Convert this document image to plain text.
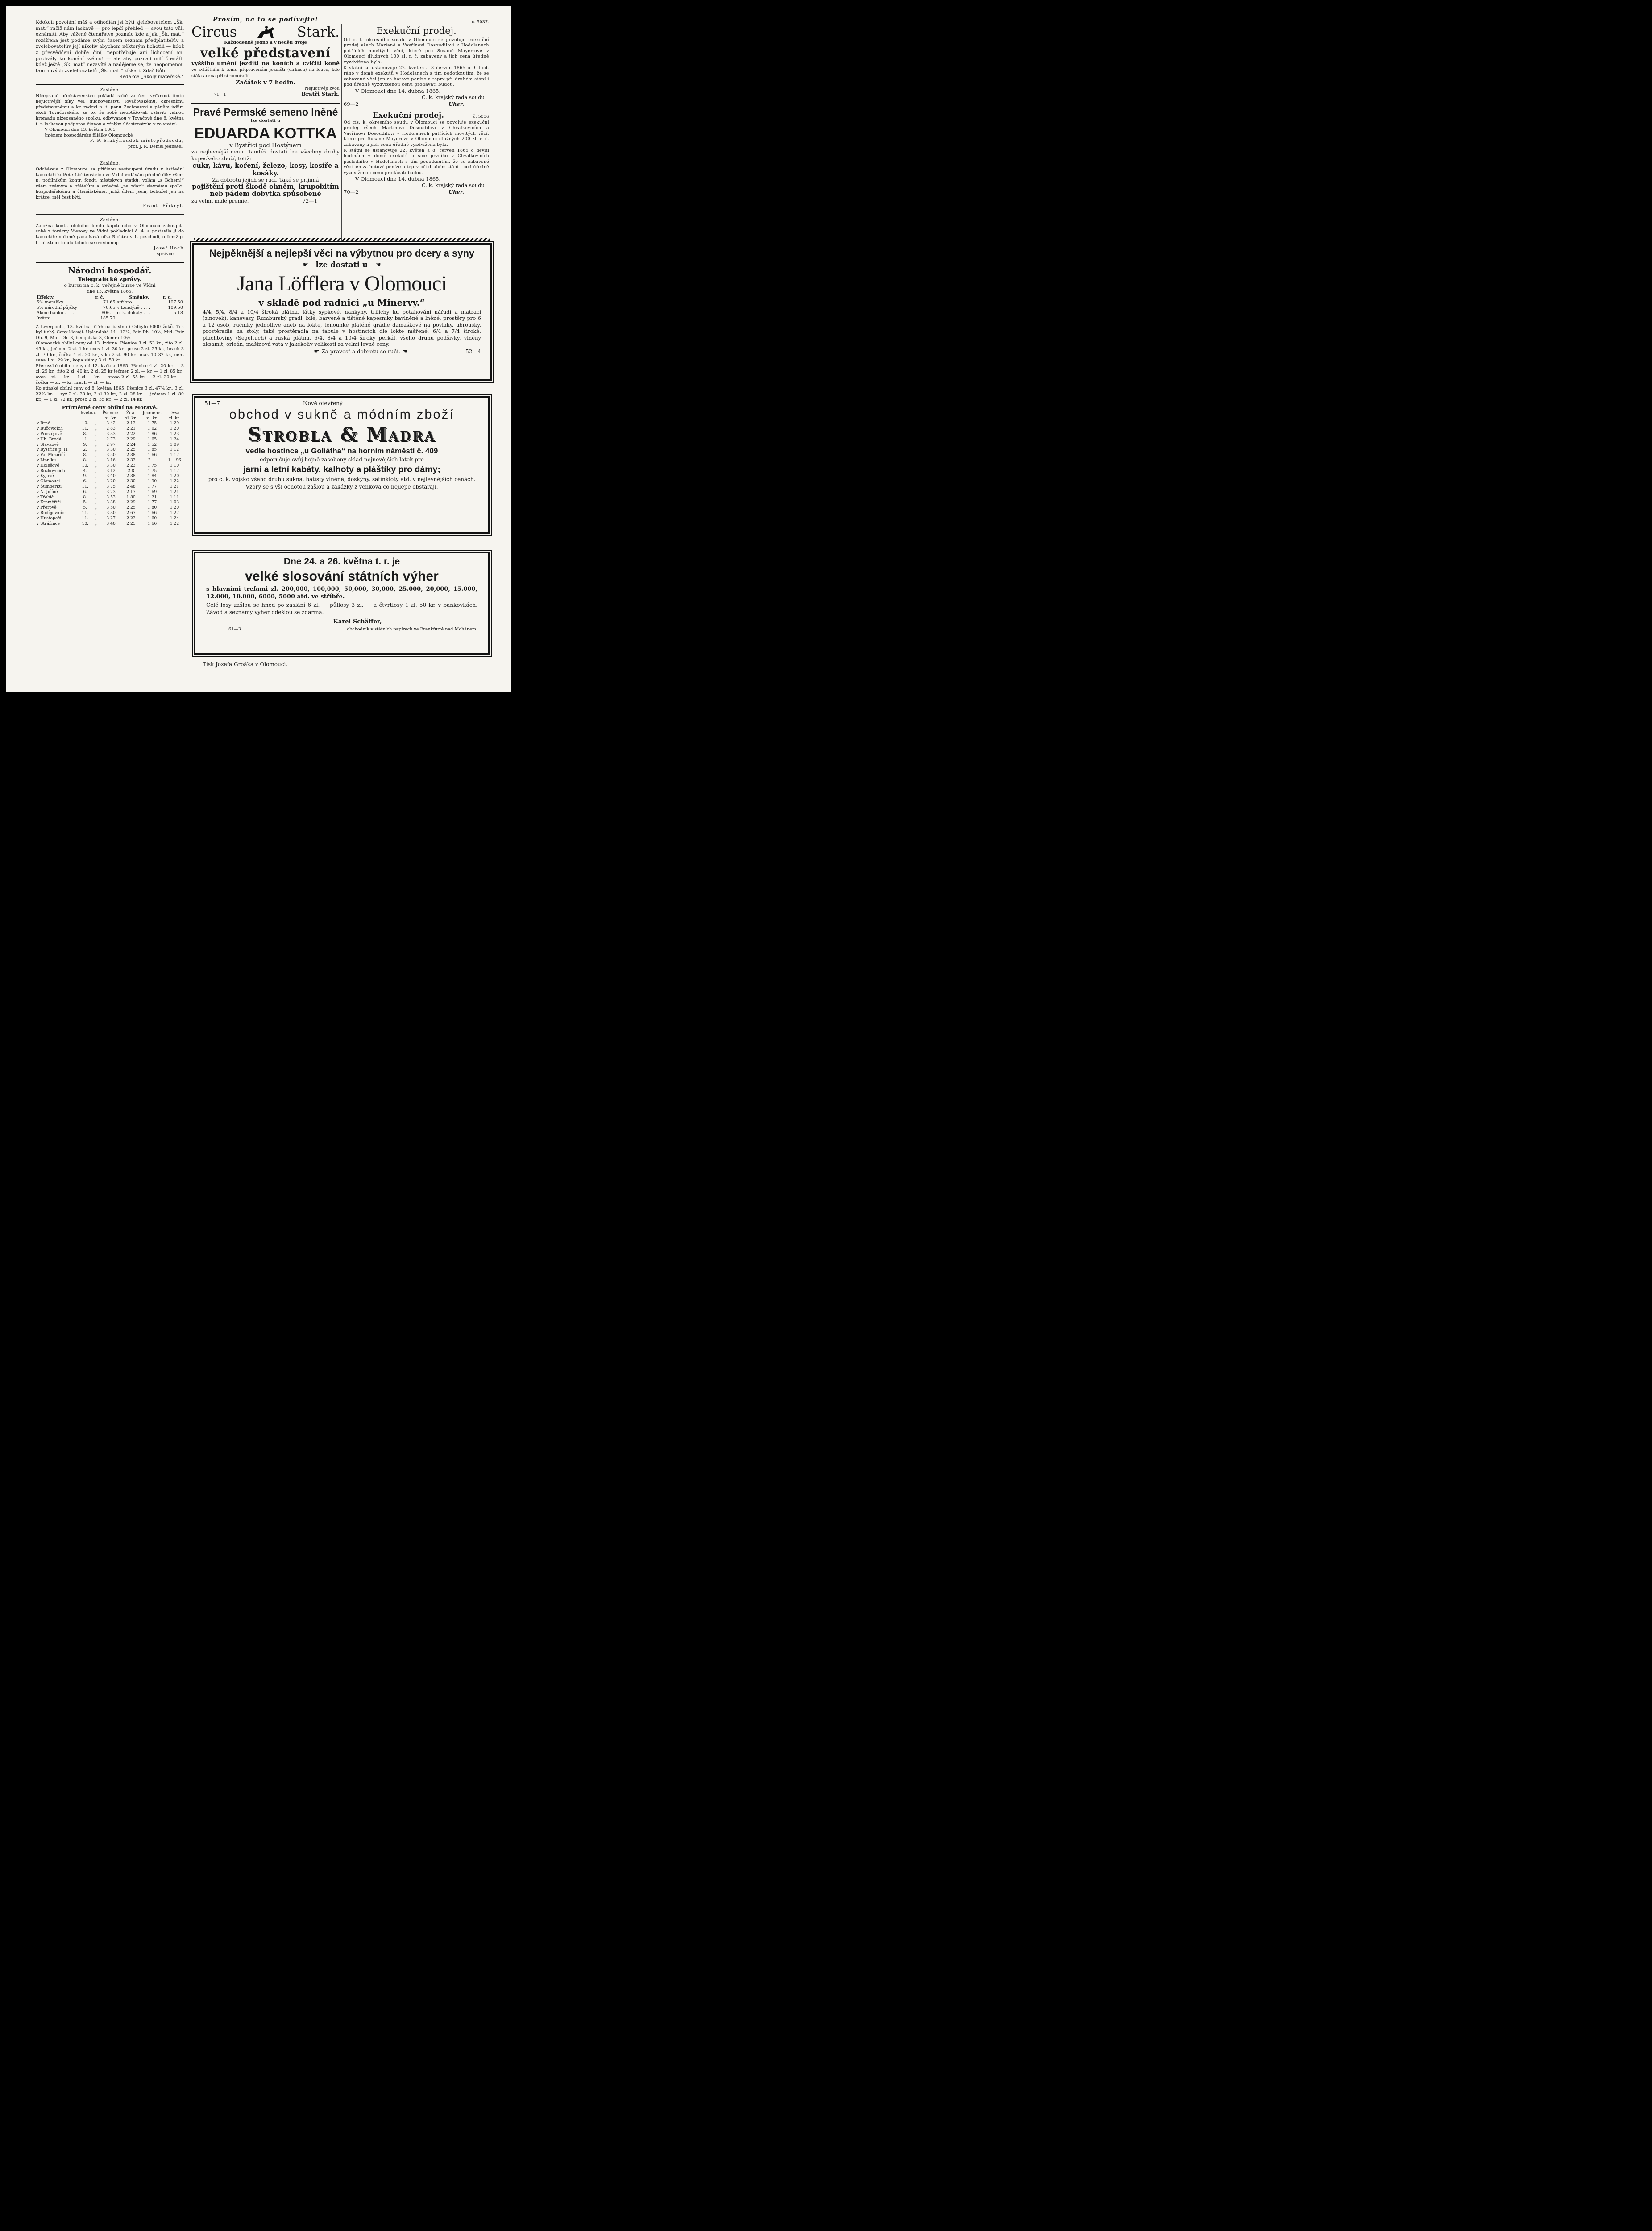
Kdokoli povolání máš a odhodlán jsi býti zjelebovatelem „Šk. mat.“ račiž nám laskavě — pro lepší přehled — svou tuto vůli oznámiti. Aby vážené čtenářstvo poznalo kde a jak „Šk. mat.“ rozšířena jest podáme svým časem seznam předplatitelův a zvelebovatelův její nikoliv abychom některým lichotili — kdož z přesvědčení dobře činí, nepotřebuje ani lichocení ani pochvály ku konání svému! — ale aby poznali milí čtenáři, kdež ještě „Šk. mat“ nezavítá a nadějeme se, že neopomenou tam nových zvelebozatelů „Šk. mat.“ získati. Zdař Bůh!

Redakce „Školy mateřské.“

Zasláno.

Nížepsané představenstvo pokládá sobě za čest vyřknout tímto nejuctivější díky vel. duchovenstvu Tovačovskému, okresnímu představenému a kr. radovi p. t. panu Zechnerovi a pánům úďům okolí Tovačovského za to, že sobě neobtěžovali oslaviti valnou hromadu nížepsaného spolku, odbývanou v Tovačově dne 8. května t. r. laskavou podporou činnou a vřelým účastenstvím v rokování.

V Olomouci dne 13. května 1865.

Jménem hospodářské filiálky Olomoucké

F. P. Slabýhoudek místopředseda,

prof. J. R. Demel jednatel.

Zasláno.

Odcházeje z Olomouce za příčinou nastoupení úřadu v ústřední kanceláři knížete Lichtensteina ve Vídni vzdávám předně díky všem p. podílníkům kontr. fondu městských statků, volám „s Bohem!“ všem známým a přátelům a srdečné „na zdar!“ slavnému spolku hospodářskému a čtenářskému, jichž údem jsem, bohužel jen na krátce, měl čest býti.

Frant. Přikryl.

Zasláno.

Záložna kontr. obilního fondu kapitolního v Olomouci zakoupila sobě z továrny Viesovy ve Vídni pokladnicí č. 4. a postavila ji do kanceláře v domě pana kavárníka Richtra v 1. poschodí, o čemž p. t. účastníci fondu tohoto se uvědomují

Josef Hoch

správce.

Národní hospodář.
Telegrafické zprávy.

o kursu na c. k. veřejné burse ve Vídni

dne 15. května 1865.

Effekty.	r. č.	Směnky.	r. c.
5% metaliky . . . .	71.65	stříbro . . . . .	107.50
5% národní půjčky .	76.65	v Londýně . . . .	109.50
Akcie banku . . . .	806.—	c. k. dukáty . . .	5.18
úvěrní . . . . . .	185.70		

Z Liverpoolu, 13. května. (Trh na bavlnu.) Odbyto 6000 žoků. Trh byl tichý. Ceny klesají. Uplandská 14—13⅛, Fair Dh. 10½, Mid. Fair Dh. 9, Mid. Dh. 8, bengálská 8, Oomra 10½.

Olomoucké obilní ceny od 13. května. Pšenice 3 zl. 53 kr., žito 2 zl. 45 kr., ječmen 2 zl. 1 kr. oves 1 zl. 30 kr., proso 2 zl. 25 kr., hrach 3 zl. 70 kr., čočka 4 zl. 20 kr., vika 2 zl. 90 kr., mak 10 32 kr., cent sena 1 zl. 29 kr., kopa slámy 3 zl. 50 kr.

Přerovské obilní ceny od 12. května 1865. Pšenice 4 zl. 20 kr. — 3 zl. 25 kr., žito 2 zl. 40 kr. 2 zl. 25 kr ječmen 2 zl. — kr. — 1 zl. 85 kr.; oves —zl. — kr. — 1 zl. — kr. — proso 2 zl. 55 kr. — 2 zl. 30 kr. —, čočka — zl. — kr. hrach — zl. — kr.

Kojetínské obilní ceny od 8. května 1865. Pšenice 3 zl. 47⅖ kr., 3 zl. 22⅖ kr. — ryž 2 zl. 30 kr, 2 zl 30 kr., 2 zl. 28 kr. — ječmen 1 zl. 80 kr., — 1 zl. 72 kr., proso 2 zl. 55 kr., — 2 zl. 14 kr.

Průměrné ceny obilní na Moravě.
	května.		Pšenice.	Žita.	Ječmene.	Ovsa
			zl. kr.	zl. kr.	zl. kr.	zl. kr.
v Brně	10.	„	3 42	2 13	1 75	1 29
v Bučovicích	11.	„	2 83	2 21	1 62	1 20
v Prostějově	8.	„	3 33	2 22	1 86	1 23
v Uh. Brodě	11.	„	2 73	2 29	1 65	1 24
v Slavkově	9.	„	2 97	2 24	1 52	1 09
v Bystřice p. H.	2.	„	3 30	2 25	1 85	1 12
v Val Meziříčí	8.	„	3 50	2 38	1 66	1 17
v Lipníku	8.	„	3 16	2 33	2 —	1 —96
v Holešově	10.	„	3 30	2 23	1 75	1 10
v Bozkovicích	4.	„	3 12	2 8	1 75	1 17
v Kyjově	9.	„	3 40	2 38	1 84	1 20
v Olomouci	6.	„	3 20	2 30	1 90	1 22
v Šumberku	11.	„	3 75	2 48	1 77	1 21
v N. Jičíně	6.	„	3 73	2 17	1 69	1 21
v Třebíči	8.	„	3 53	1 80	1 21	1 11
v Kroměříži	5.	„	3 38	2 29	1 77	1 03
v Přerově	5.	„	3 50	2 25	1 80	1 20
v Budějovicích	11.	„	3 30	2 67	1 66	1 27
v Hustopeči	11.	„	3 27	2 23	1 60	1 24
v Strážnice	10.	„	3 40	2 25	1 66	1 22
Prosím, na to se podívejte!
Circus	Stark.

Každodenně jedno a v neděli dvoje

velké představení

vyššího umění jezditi na koních a cvičiti koně ve zvláštním k tomu připraveném jezdišti (cirkusu) na louce, kde stála arena při stromořadí.

Začátek v 7 hodin.

Nejuctivěji zvou

71—1	Bratři Stark.
Pravé Permské semeno lněné

lze dostati u

EDUARDA KOTTKA

v Bystřici pod Hostýnem

za nejlevnější cenu. Tamtéž dostati lze všechny druhy kupeckého zboží, totiž:

cukr, kávu, koření, železo, kosy, kosíře a kosáky.

Za dobrotu jejich se ručí. Také se přijímá

pojištění proti škodě ohněm, krupobitím neb pádem dobytka spůsobené
za velmi malé premie.	72—1

č. 5037.

Exekuční prodej.

Od c. k. okresního soudu v Olomouci se povoluje exekuční prodej všech Marianě a Vavřínovi Dosoudilovi v Hodolanech patřících movitých věcí, které pro Susaně Mayer-ové v Olomouci dlužných 100 zl. r. č. zabaveny a jich cena úředně vyzdvižena byla.

K státní se ustanovuje 22. květen a 8 červen 1865 o 9. hod. ráno v domě exekutů v Hodolanech s tím podotknutím, že se zabavené věci jen za hotové peníze a teprv při druhém stání i pod úředně vyzdviženou cenu prodávati budou.

V Olomouci dne 14. dubna 1865.

C. k. krajský rada soudu

69—2	Uher.
Exekuční prodej.	č. 5036

Od cís. k. okresního soudu v Olomouci se povoluje exekuční prodej všech Martinovi Dosoudilovi v Chvalkovicích a Vavřínovi Dosoudilovi v Hodolanech patřících movitých věcí, které pro Susaně Mayerové v Olomouci dlužných 200 zl. r. č. zabaveny a jich cena úředně vyzdvižena byla.

K státní se ustanovuje 22. květen a 8. červen 1865 o deviti hodinách v domě exekutů a sice prvního v Chvalkovicích posledního v Hodolanech s tím podotknutím, že se zabavené věci jen za hotové peníze a teprv při druhém stání i pod úředně vyzdviženou cenu prodávati budou.

V Olomouci dne 14. dubna 1865.

C. k. krajský rada soudu

70—2	Uher.
Nejpěknější a nejlepší věci na výbytnou pro dcery a syny
☛ lze dostati u ☛
Jana Löfflera v Olomouci
v skladě pod radnicí „u Minervy.“

4/4, 5/4, 8/4 a 10/4 široká plátna, látky sypkové, nankyny, trilichy ku potahování nářadí a matraci (zínovek), kanevasy, Rumburský gradl, bílé, barvené a tištěné kapesníky bavlněné a lněné, prostěry pro 6 a 12 osob, ručníky jednotlivé aneb na lokte, teňounké plátěné grádle damaškové na povlaky, ubrousky, prostěradla na stoly, také prostěradla na tabule v hostincích dle lokte měřené, 6/4 a 7/4 široké, plachtoviny (Segeltuch) a ruská plátna, 6/4, 8/4 a 10/4 široký perkál, všeho druhu podšívky, vlněný aksamit, orleán, mašinová vata v jakékoliv velikosti za velmi levné ceny.

☛ Za pravosť a dobrotu se ručí. ☚	52—4
51—7	Nově otevřený
obchod v sukně a módním zboží
Strobla & Madra
vedle hostince „u Goliátha“ na horním náměstí č. 409

odporučuje svůj hojně zasobený sklad nejnovějších látek pro

jarní a letní kabáty, kalhoty a pláštíky pro dámy;

pro c. k. vojsko všeho druhu sukna, batisty vlněné, doskýny, satinkloty atd. v nejlevnějších cenách.

Vzory se s vší ochotou zašlou a zakázky z venkova co nejlépe obstarají.

Dne 24. a 26. května t. r. je
velké slosování státních výher

s hlavními trefami zl. 200,000, 100,000, 50,000, 30,000, 25.000, 20,000, 15.000, 12.000, 10.000, 6000, 5000 atd. ve stříbře.

Celé losy zašlou se hned po zaslání 6 zl. — půllosy 3 zl. — a čtvrtlosy 1 zl. 50 kr. v bankovkách. Závod a seznamy výher odešlou se zdarma.

Karel Schäffer,
61—3	obchodník v státních papírech ve Frankfurtě nad Mohánem.
Tisk Jozefa Groáka v Olomouci.
